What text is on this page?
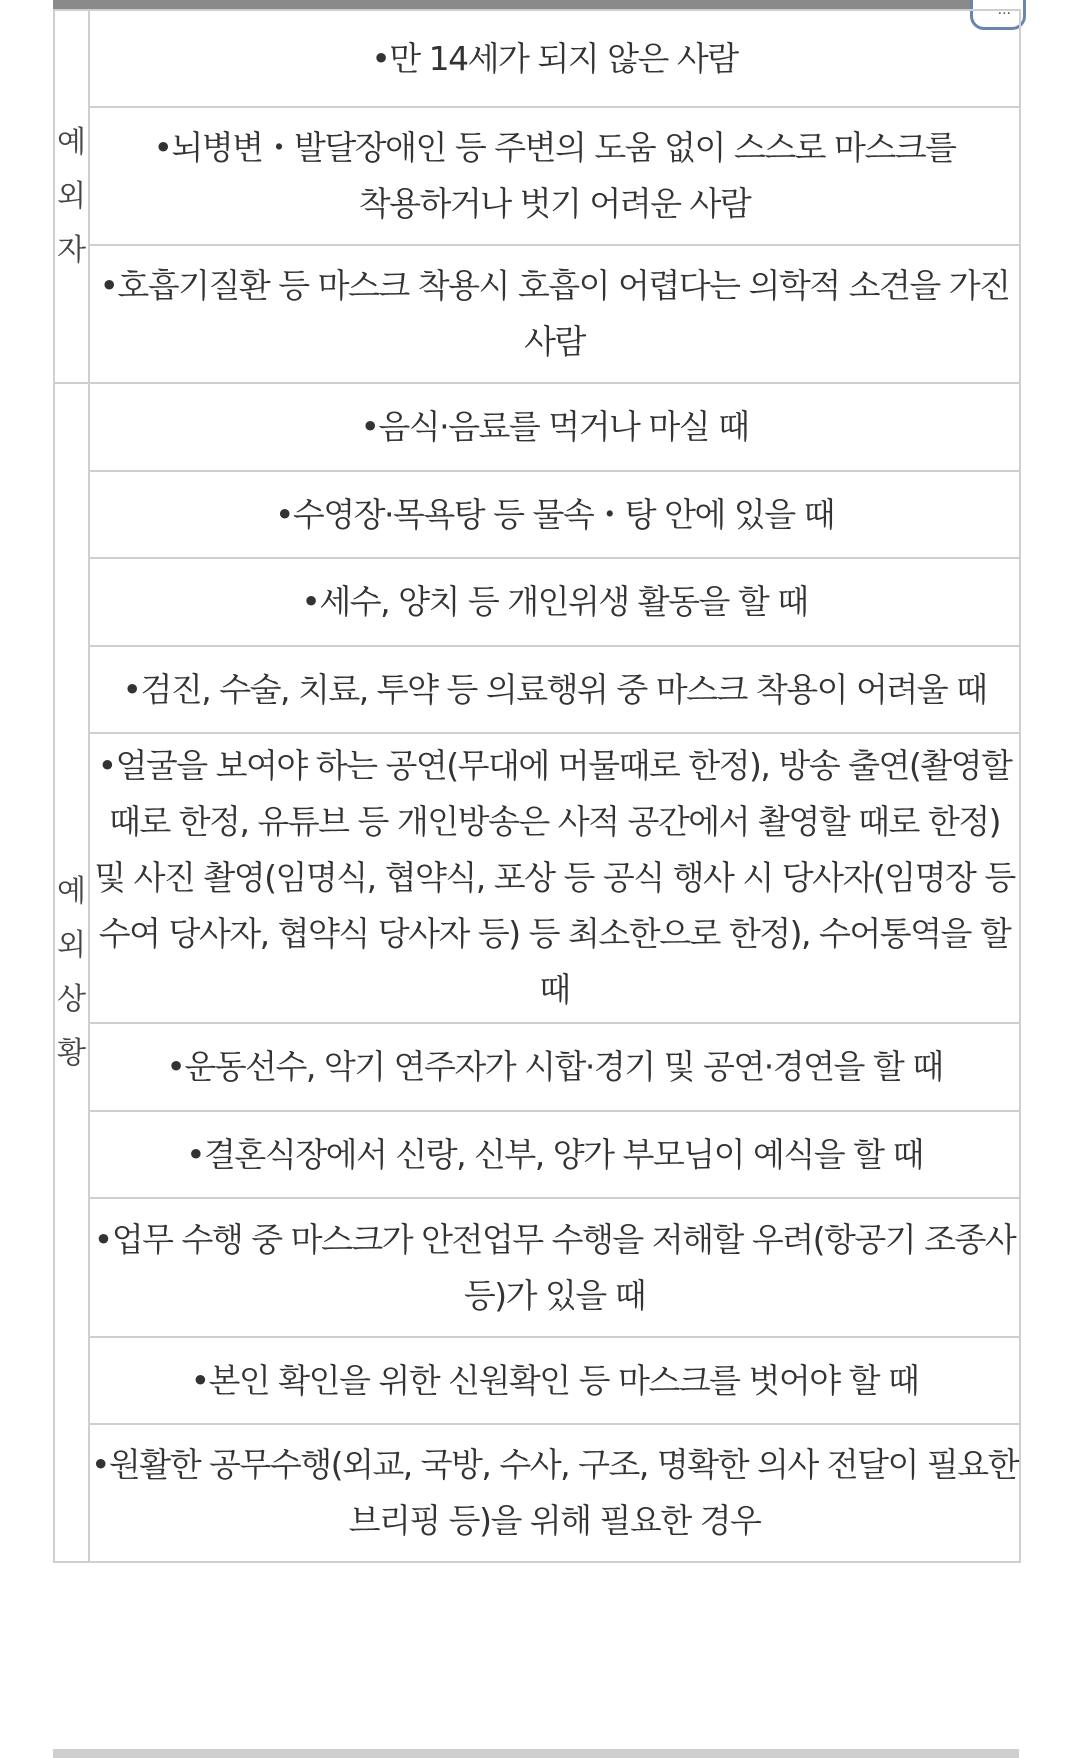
···
예외자	•만 14세가 되지 않은 사람
	•뇌병변・발달장애인 등 주변의 도움 없이 스스로 마스크를 착용하거나 벗기 어려운 사람
	•호흡기질환 등 마스크 착용시 호흡이 어렵다는 의학적 소견을 가진 사람
예외상황	•음식·음료를 먹거나 마실 때
	•수영장·목욕탕 등 물속・탕 안에 있을 때
	•세수, 양치 등 개인위생 활동을 할 때
	•검진, 수술, 치료, 투약 등 의료행위 중 마스크 착용이 어려울 때
	•얼굴을 보여야 하는 공연(무대에 머물때로 한정), 방송 출연(촬영할 때로 한정, 유튜브 등 개인방송은 사적 공간에서 촬영할 때로 한정) 및 사진 촬영(임명식, 협약식, 포상 등 공식 행사 시 당사자(임명장 등 수여 당사자, 협약식 당사자 등) 등 최소한으로 한정), 수어통역을 할 때
	•운동선수, 악기 연주자가 시합·경기 및 공연·경연을 할 때
	•결혼식장에서 신랑, 신부, 양가 부모님이 예식을 할 때
	•업무 수행 중 마스크가 안전업무 수행을 저해할 우려(항공기 조종사 등)가 있을 때
	•본인 확인을 위한 신원확인 등 마스크를 벗어야 할 때
	•원활한 공무수행(외교, 국방, 수사, 구조, 명확한 의사 전달이 필요한 브리핑 등)을 위해 필요한 경우
